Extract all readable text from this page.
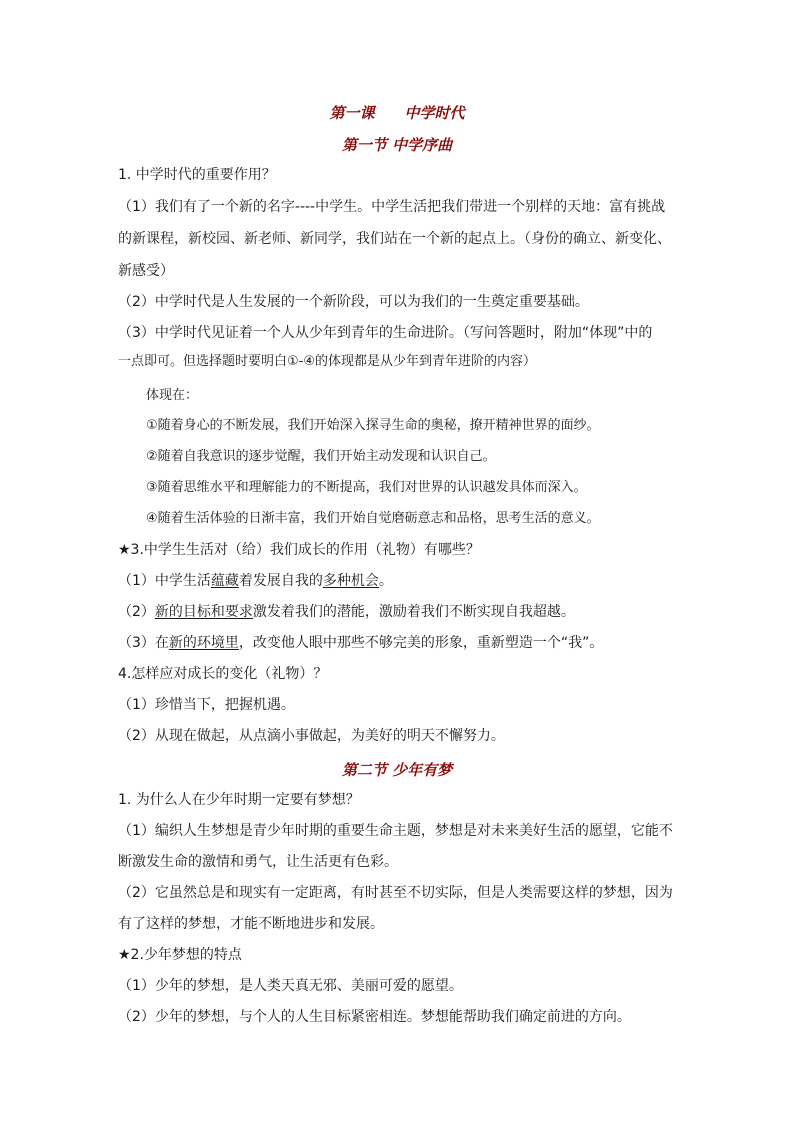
第一课 中学时代
第一节 中学序曲
1. 中学时代的重要作用？
（1）我们有了一个新的名字----中学生。中学生活把我们带进一个别样的天地：富有挑战
的新课程，新校园、新老师、新同学，我们站在一个新的起点上。（身份的确立、新变化、
新感受）
（2）中学时代是人生发展的一个新阶段，可以为我们的一生奠定重要基础。
（3）中学时代见证着一个人从少年到青年的生命进阶。（写问答题时，附加“体现”中的
一点即可。但选择题时要明白①-④的体现都是从少年到青年进阶的内容）
体现在：
①随着身心的不断发展，我们开始深入探寻生命的奥秘，撩开精神世界的面纱。
②随着自我意识的逐步觉醒，我们开始主动发现和认识自己。
③随着思维水平和理解能力的不断提高，我们对世界的认识越发具体而深入。
④随着生活体验的日渐丰富，我们开始自觉磨砺意志和品格，思考生活的意义。
★3.中学生生活对（给）我们成长的作用（礼物）有哪些？
（1）中学生活蕴藏着发展自我的多种机会。
（2）新的目标和要求激发着我们的潜能，激励着我们不断实现自我超越。
（3）在新的环境里，改变他人眼中那些不够完美的形象，重新塑造一个“我”。
4.怎样应对成长的变化（礼物）？
（1）珍惜当下，把握机遇。
（2）从现在做起，从点滴小事做起，为美好的明天不懈努力。
第二节 少年有梦
1. 为什么人在少年时期一定要有梦想？
（1）编织人生梦想是青少年时期的重要生命主题，梦想是对未来美好生活的愿望，它能不
断激发生命的激情和勇气，让生活更有色彩。
（2）它虽然总是和现实有一定距离，有时甚至不切实际，但是人类需要这样的梦想，因为
有了这样的梦想，才能不断地进步和发展。
★2.少年梦想的特点
（1）少年的梦想，是人类天真无邪、美丽可爱的愿望。
（2）少年的梦想，与个人的人生目标紧密相连。梦想能帮助我们确定前进的方向。
